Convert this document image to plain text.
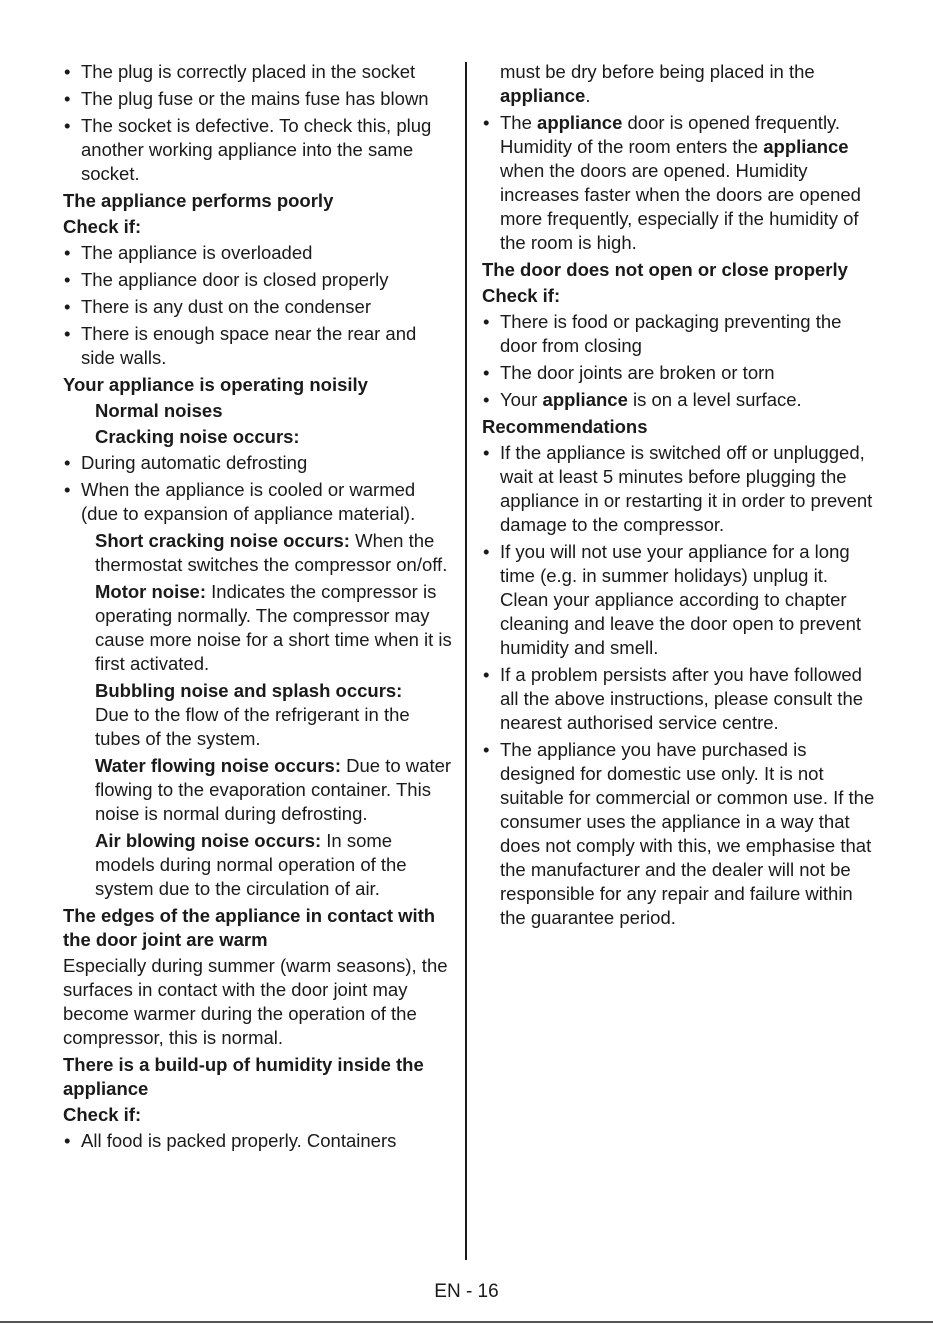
• The plug is correctly placed in the socket
• The plug fuse or the mains fuse has blown
• The socket is defective. To check this, plug another working appliance into the same socket.
The appliance performs poorly
Check if:
• The appliance is overloaded
• The appliance door is closed properly
• There is any dust on the condenser
• There is enough space near the rear and side walls.
Your appliance is operating noisily
Normal noises
Cracking noise occurs:
• During automatic defrosting
• When the appliance is cooled or warmed (due to expansion of appliance material).
Short cracking noise occurs: When the thermostat switches the compressor on/off.
Motor noise: Indicates the compressor is operating normally. The compressor may cause more noise for a short time when it is first activated.
Bubbling noise and splash occurs:
Due to the flow of the refrigerant in the tubes of the system.
Water flowing noise occurs: Due to water flowing to the evaporation container. This noise is normal during defrosting.
Air blowing noise occurs: In some models during normal operation of the system due to the circulation of air.
The edges of the appliance in contact with the door joint are warm
Especially during summer (warm seasons), the surfaces in contact with the door joint may become warmer during the operation of the compressor, this is normal.
There is a build-up of humidity inside the appliance
Check if:
• All food is packed properly. Containers
must be dry before being placed in the appliance.
• The appliance door is opened frequently. Humidity of the room enters the appliance when the doors are opened. Humidity increases faster when the doors are opened more frequently, especially if the humidity of the room is high.
The door does not open or close properly
Check if:
• There is food or packaging preventing the door from closing
• The door joints are broken or torn
• Your appliance is on a level surface.
Recommendations
• If the appliance is switched off or unplugged, wait at least 5 minutes before plugging the appliance in or restarting it in order to prevent damage to the compressor.
• If you will not use your appliance for a long time (e.g. in summer holidays) unplug it. Clean your appliance according to chapter cleaning and leave the door open to prevent humidity and smell.
• If a problem persists after you have followed all the above instructions, please consult the nearest authorised service centre.
• The appliance you have purchased is designed for domestic use only. It is not suitable for commercial or common use. If the consumer uses the appliance in a way that does not comply with this, we emphasise that the manufacturer and the dealer will not be responsible for any repair and failure within the guarantee period.
EN - 16
